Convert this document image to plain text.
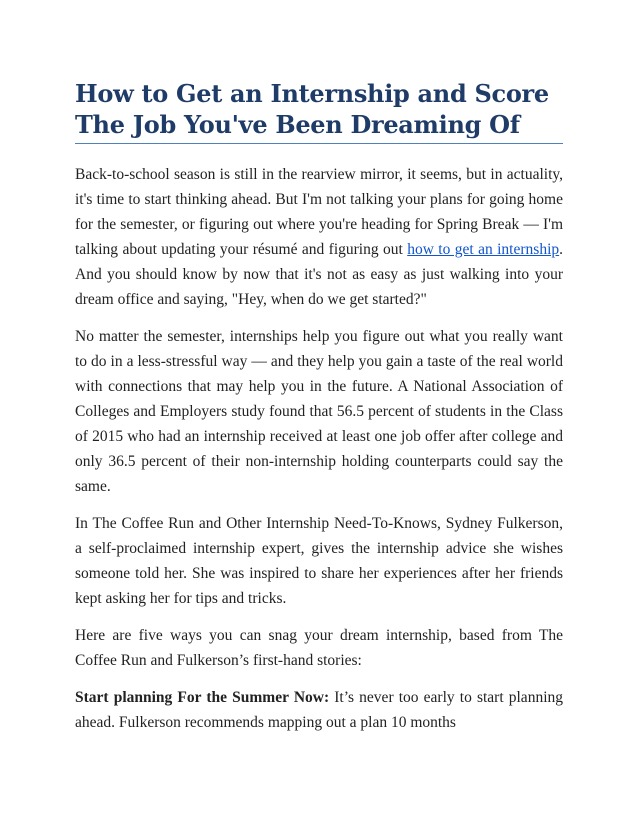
How to Get an Internship and Score The Job You've Been Dreaming Of

Back-to-school season is still in the rearview mirror, it seems, but in actuality, it's time to start thinking ahead. But I'm not talking your plans for going home for the semester, or figuring out where you're heading for Spring Break — I'm talking about updating your résumé and figuring out how to get an internship. And you should know by now that it's not as easy as just walking into your dream office and saying, "Hey, when do we get started?"

No matter the semester, internships help you figure out what you really want to do in a less-stressful way — and they help you gain a taste of the real world with connections that may help you in the future. A National Association of Colleges and Employers study found that 56.5 percent of students in the Class of 2015 who had an internship received at least one job offer after college and only 36.5 percent of their non-internship holding counterparts could say the same.

In The Coffee Run and Other Internship Need-To-Knows, Sydney Fulkerson, a self-proclaimed internship expert, gives the internship advice she wishes someone told her. She was inspired to share her experiences after her friends kept asking her for tips and tricks.

Here are five ways you can snag your dream internship, based from The Coffee Run and Fulkerson’s first-hand stories:

Start planning For the Summer Now: It’s never too early to start planning ahead. Fulkerson recommends mapping out a plan 10 months
